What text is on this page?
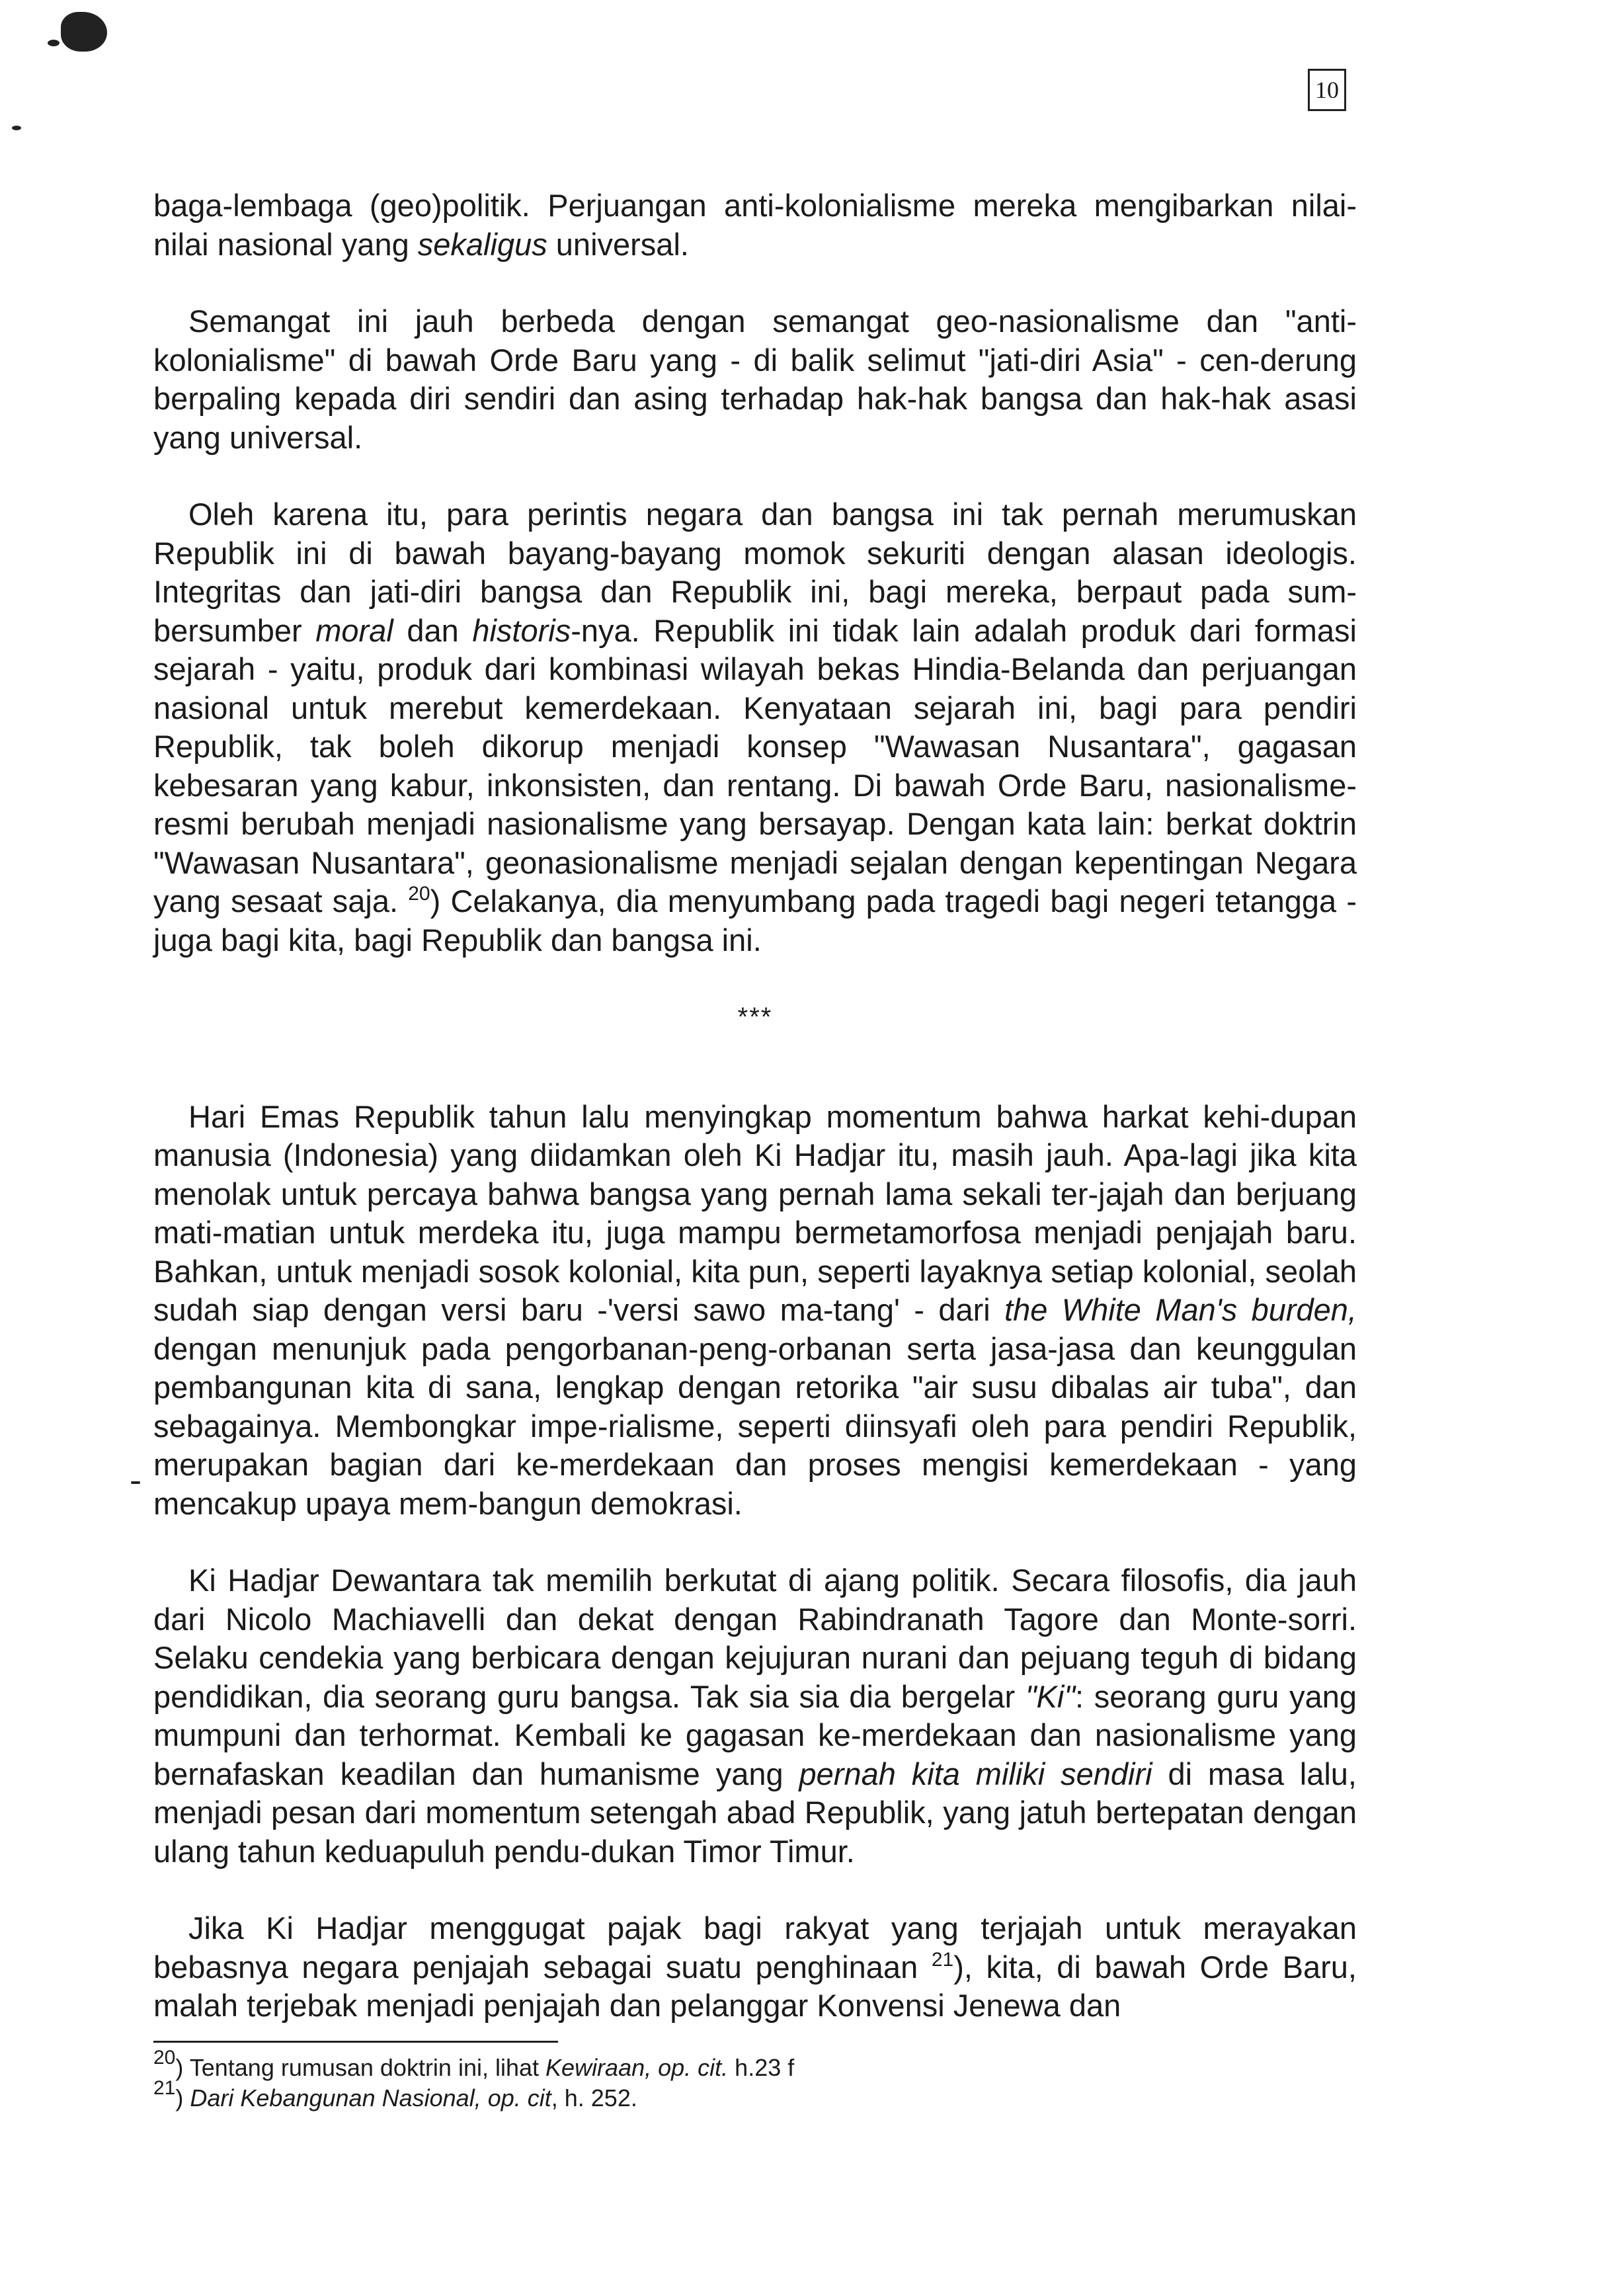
10

baga-lembaga (geo)politik. Perjuangan anti-kolonialisme mereka mengibarkan nilai-nilai nasional yang sekaligus universal.

Semangat ini jauh berbeda dengan semangat geo-nasionalisme dan "anti-kolonialisme" di bawah Orde Baru yang - di balik selimut "jati-diri Asia" - cen-derung berpaling kepada diri sendiri dan asing terhadap hak-hak bangsa dan hak-hak asasi yang universal.

Oleh karena itu, para perintis negara dan bangsa ini tak pernah merumuskan Republik ini di bawah bayang-bayang momok sekuriti dengan alasan ideologis. Integritas dan jati-diri bangsa dan Republik ini, bagi mereka, berpaut pada sum-bersumber moral dan historis-nya. Republik ini tidak lain adalah produk dari formasi sejarah - yaitu, produk dari kombinasi wilayah bekas Hindia-Belanda dan perjuangan nasional untuk merebut kemerdekaan. Kenyataan sejarah ini, bagi para pendiri Republik, tak boleh dikorup menjadi konsep "Wawasan Nusantara", gagasan kebesaran yang kabur, inkonsisten, dan rentang. Di bawah Orde Baru, nasionalisme-resmi berubah menjadi nasionalisme yang bersayap. Dengan kata lain: berkat doktrin "Wawasan Nusantara", geonasionalisme menjadi sejalan dengan kepentingan Negara yang sesaat saja. $^{20}$) Celakanya, dia menyumbang pada tragedi bagi negeri tetangga - juga bagi kita, bagi Republik dan bangsa ini.

***

Hari Emas Republik tahun lalu menyingkap momentum bahwa harkat kehi-dupan manusia (Indonesia) yang diidamkan oleh Ki Hadjar itu, masih jauh. Apa-lagi jika kita menolak untuk percaya bahwa bangsa yang pernah lama sekali ter-jajah dan berjuang mati-matian untuk merdeka itu, juga mampu bermetamorfosa menjadi penjajah baru. Bahkan, untuk menjadi sosok kolonial, kita pun, seperti layaknya setiap kolonial, seolah sudah siap dengan versi baru -'versi sawo ma-tang' - dari the White Man's burden, dengan menunjuk pada pengorbanan-peng-orbanan serta jasa-jasa dan keunggulan pembangunan kita di sana, lengkap dengan retorika "air susu dibalas air tuba", dan sebagainya. Membongkar impe-rialisme, seperti diinsyafi oleh para pendiri Republik, merupakan bagian dari ke-merdekaan dan proses mengisi kemerdekaan - yang mencakup upaya mem-bangun demokrasi.

Ki Hadjar Dewantara tak memilih berkutat di ajang politik. Secara filosofis, dia jauh dari Nicolo Machiavelli dan dekat dengan Rabindranath Tagore dan Monte-sorri. Selaku cendekia yang berbicara dengan kejujuran nurani dan pejuang teguh di bidang pendidikan, dia seorang guru bangsa. Tak sia sia dia bergelar "Ki": seorang guru yang mumpuni dan terhormat. Kembali ke gagasan ke-merdekaan dan nasionalisme yang bernafaskan keadilan dan humanisme yang pernah kita miliki sendiri di masa lalu, menjadi pesan dari momentum setengah abad Republik, yang jatuh bertepatan dengan ulang tahun keduapuluh pendu-dukan Timor Timur.

Jika Ki Hadjar menggugat pajak bagi rakyat yang terjajah untuk merayakan bebasnya negara penjajah sebagai suatu penghinaan $^{21}$), kita, di bawah Orde Baru, malah terjebak menjadi penjajah dan pelanggar Konvensi Jenewa dan

$^{20}$) Tentang rumusan doktrin ini, lihat Kewiraan, op. cit. h.23 f
$^{21}$) Dari Kebangunan Nasional, op. cit, h. 252.
